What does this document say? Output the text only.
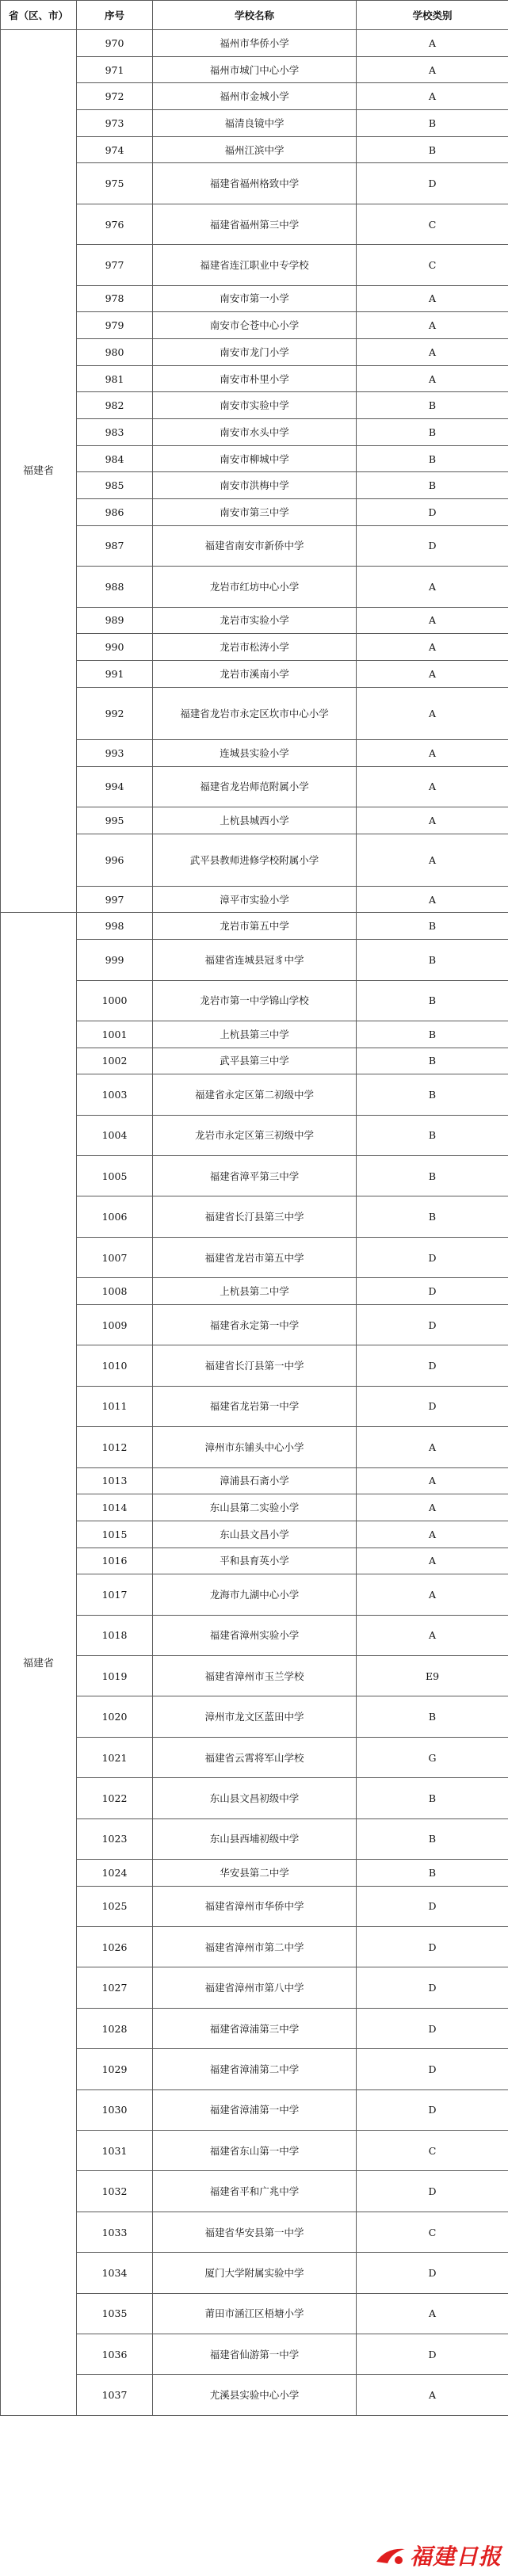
省（区、市）	序号	学校名称	学校类别
福建省	970	福州市华侨小学	A
	971	福州市城门中心小学	A
	972	福州市金城小学	A
	973	福清良镜中学	B
	974	福州江滨中学	B
	975	福建省福州格致中学	D
	976	福建省福州第三中学	C
	977	福建省连江职业中专学校	C
	978	南安市第一小学	A
	979	南安市仑苍中心小学	A
	980	南安市龙门小学	A
	981	南安市朴里小学	A
	982	南安市实验中学	B
	983	南安市水头中学	B
	984	南安市柳城中学	B
	985	南安市洪梅中学	B
	986	南安市第三中学	D
	987	福建省南安市新侨中学	D
	988	龙岩市红坊中心小学	A
	989	龙岩市实验小学	A
	990	龙岩市松涛小学	A
	991	龙岩市溪南小学	A
	992	福建省龙岩市永定区坎市中心小学	A
	993	连城县实验小学	A
	994	福建省龙岩师范附属小学	A
	995	上杭县城西小学	A
	996	武平县教师进修学校附属小学	A
	997	漳平市实验小学	A
福建省	998	龙岩市第五中学	B
	999	福建省连城县冠豸中学	B
	1000	龙岩市第一中学锦山学校	B
	1001	上杭县第三中学	B
	1002	武平县第三中学	B
	1003	福建省永定区第二初级中学	B
	1004	龙岩市永定区第三初级中学	B
	1005	福建省漳平第三中学	B
	1006	福建省长汀县第三中学	B
	1007	福建省龙岩市第五中学	D
	1008	上杭县第二中学	D
	1009	福建省永定第一中学	D
	1010	福建省长汀县第一中学	D
	1011	福建省龙岩第一中学	D
	1012	漳州市东铺头中心小学	A
	1013	漳浦县石斋小学	A
	1014	东山县第二实验小学	A
	1015	东山县文昌小学	A
	1016	平和县育英小学	A
	1017	龙海市九湖中心小学	A
	1018	福建省漳州实验小学	A
	1019	福建省漳州市玉兰学校	E9
	1020	漳州市龙文区蓝田中学	B
	1021	福建省云霄将军山学校	G
	1022	东山县文昌初级中学	B
	1023	东山县西埔初级中学	B
	1024	华安县第二中学	B
	1025	福建省漳州市华侨中学	D
	1026	福建省漳州市第二中学	D
	1027	福建省漳州市第八中学	D
	1028	福建省漳浦第三中学	D
	1029	福建省漳浦第二中学	D
	1030	福建省漳浦第一中学	D
	1031	福建省东山第一中学	C
	1032	福建省平和广兆中学	D
	1033	福建省华安县第一中学	C
	1034	厦门大学附属实验中学	D
	1035	莆田市涵江区梧塘小学	A
	1036	福建省仙游第一中学	D
	1037	尤溪县实验中心小学	A
福建日报
